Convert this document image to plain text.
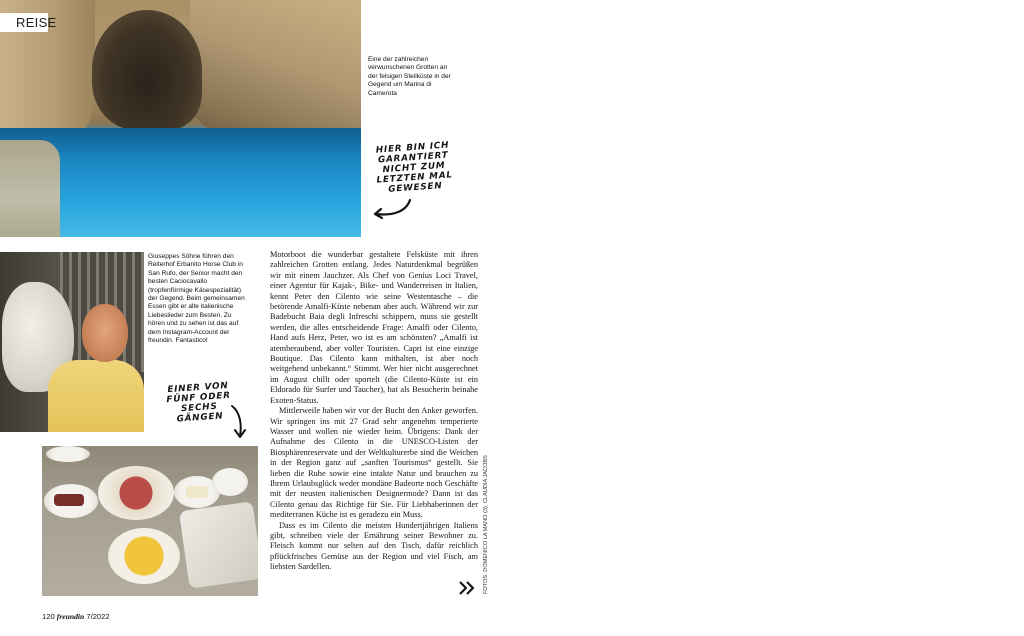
REISE
Eine der zahlreichen verwunschenen Grotten an der felsigen Steilküste in der Gegend um Marina di Camerota
HIER BIN ICH GARANTIERT NICHT ZUM LETZTEN MAL GEWESEN
Giuseppes Söhne führen den Reiterhof Erbanito Horse Club in San Rufo, der Senior macht den besten Caciocavallo (tropfenförmige Käsespezialität) der Gegend. Beim gemeinsamen Essen gibt er alte italienische Liebeslieder zum Besten. Zu hören und zu sehen ist das auf dem Instagram-Account der freundin. Fantastico!
EINER VON FÜNF ODER SECHS GÄNGEN

Motorboot die wunderbar gestaltete Felsküste mit ihren zahlreichen Grotten entlang. Jedes Naturdenkmal begrüßen wir mit einem Jauchzer. Als Chef von Genius Loci Travel, einer Agentur für Kajak-, Bike- und Wanderreisen in Italien, kennt Peter den Cilento wie seine Westentasche – die betörende Amalfi-Küste nebenan aber auch. Während wir zur Badebucht Baia degli Infreschi schippern, muss sie gestellt werden, die alles entscheidende Frage: Amalfi oder Cilento, Hand aufs Herz, Peter, wo ist es am schönsten? „Amalfi ist atemberaubend, aber voller Touristen. Capri ist eine einzige Boutique. Das Cilento kann mithalten, ist aber noch weitgehend unbekannt.“ Stimmt. Wer hier nicht ausgerechnet im August chillt oder sportelt (die Cilento-Küste ist ein Eldorado für Surfer und Taucher), hat als Besucherin beinahe Exoten-Status.

Mittlerweile haben wir vor der Bucht den Anker geworfen. Wir springen ins mit 27 Grad sehr angenehm temperierte Wasser und wollen nie wieder heim. Übrigens: Dank der Aufnahme des Cilento in die UNESCO-Listen der Biosphärenreservate und der Weltkulturerbe sind die Weichen in der Region ganz auf „sanften Tourismus“ gestellt. Sie lieben die Ruhe sowie eine intakte Natur und brauchen zu Ihrem Urlaubsglück weder mondäne Badeorte noch Geschäfte mit der neusten italienischen Designermode? Dann ist das Cilento genau das Richtige für Sie. Für Liebhaberinnen der mediterranen Küche ist es geradezu ein Muss.

Dass es im Cilento die meisten Hundertjährigen Italiens gibt, schreiben viele der Ernährung seiner Bewohner zu. Fleisch kommt nur selten auf den Tisch, dafür reichlich pflückfrisches Gemüse aus der Region und viel Fisch, am liebsten Sardellen.	FOTOS: DOMENICO LA MANO (3), CLAUDIA JACOBS
120 freundin 7/2022
